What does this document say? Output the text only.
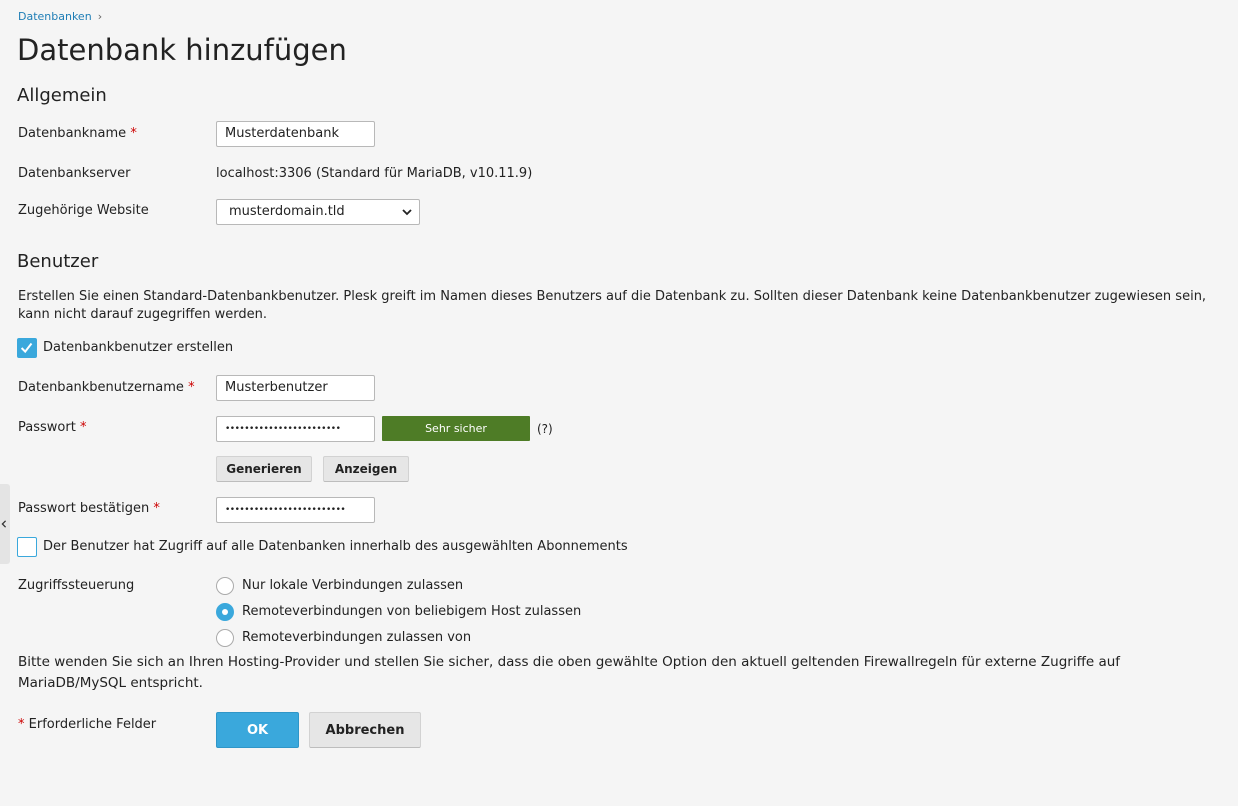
Datenbanken ›
Datenbank hinzufügen
Allgemein
Datenbankname *	Musterdatenbank
Datenbankserver	localhost:3306 (Standard für MariaDB, v10.11.9)
Zugehörige Website	musterdomain.tld
Benutzer
Erstellen Sie einen Standard-Datenbankbenutzer. Plesk greift im Namen dieses Benutzers auf die Datenbank zu. Sollten dieser Datenbank keine Datenbankbenutzer zugewiesen sein, kann nicht darauf zugegriffen werden.
Datenbankbenutzer erstellen
Datenbankbenutzername *	Musterbenutzer
Passwort *	••••••••••••••••••••••••	Sehr sicher	(?)
Generieren	Anzeigen
Passwort bestätigen *	•••••••••••••••••••••••••
Der Benutzer hat Zugriff auf alle Datenbanken innerhalb des ausgewählten Abonnements
Zugriffssteuerung	Nur lokale Verbindungen zulassen
Remoteverbindungen von beliebigem Host zulassen
Remoteverbindungen zulassen von
Bitte wenden Sie sich an Ihren Hosting-Provider und stellen Sie sicher, dass die oben gewählte Option den aktuell geltenden Firewallregeln für externe Zugriffe auf MariaDB/MySQL entspricht.
* Erforderliche Felder	OK	Abbrechen
